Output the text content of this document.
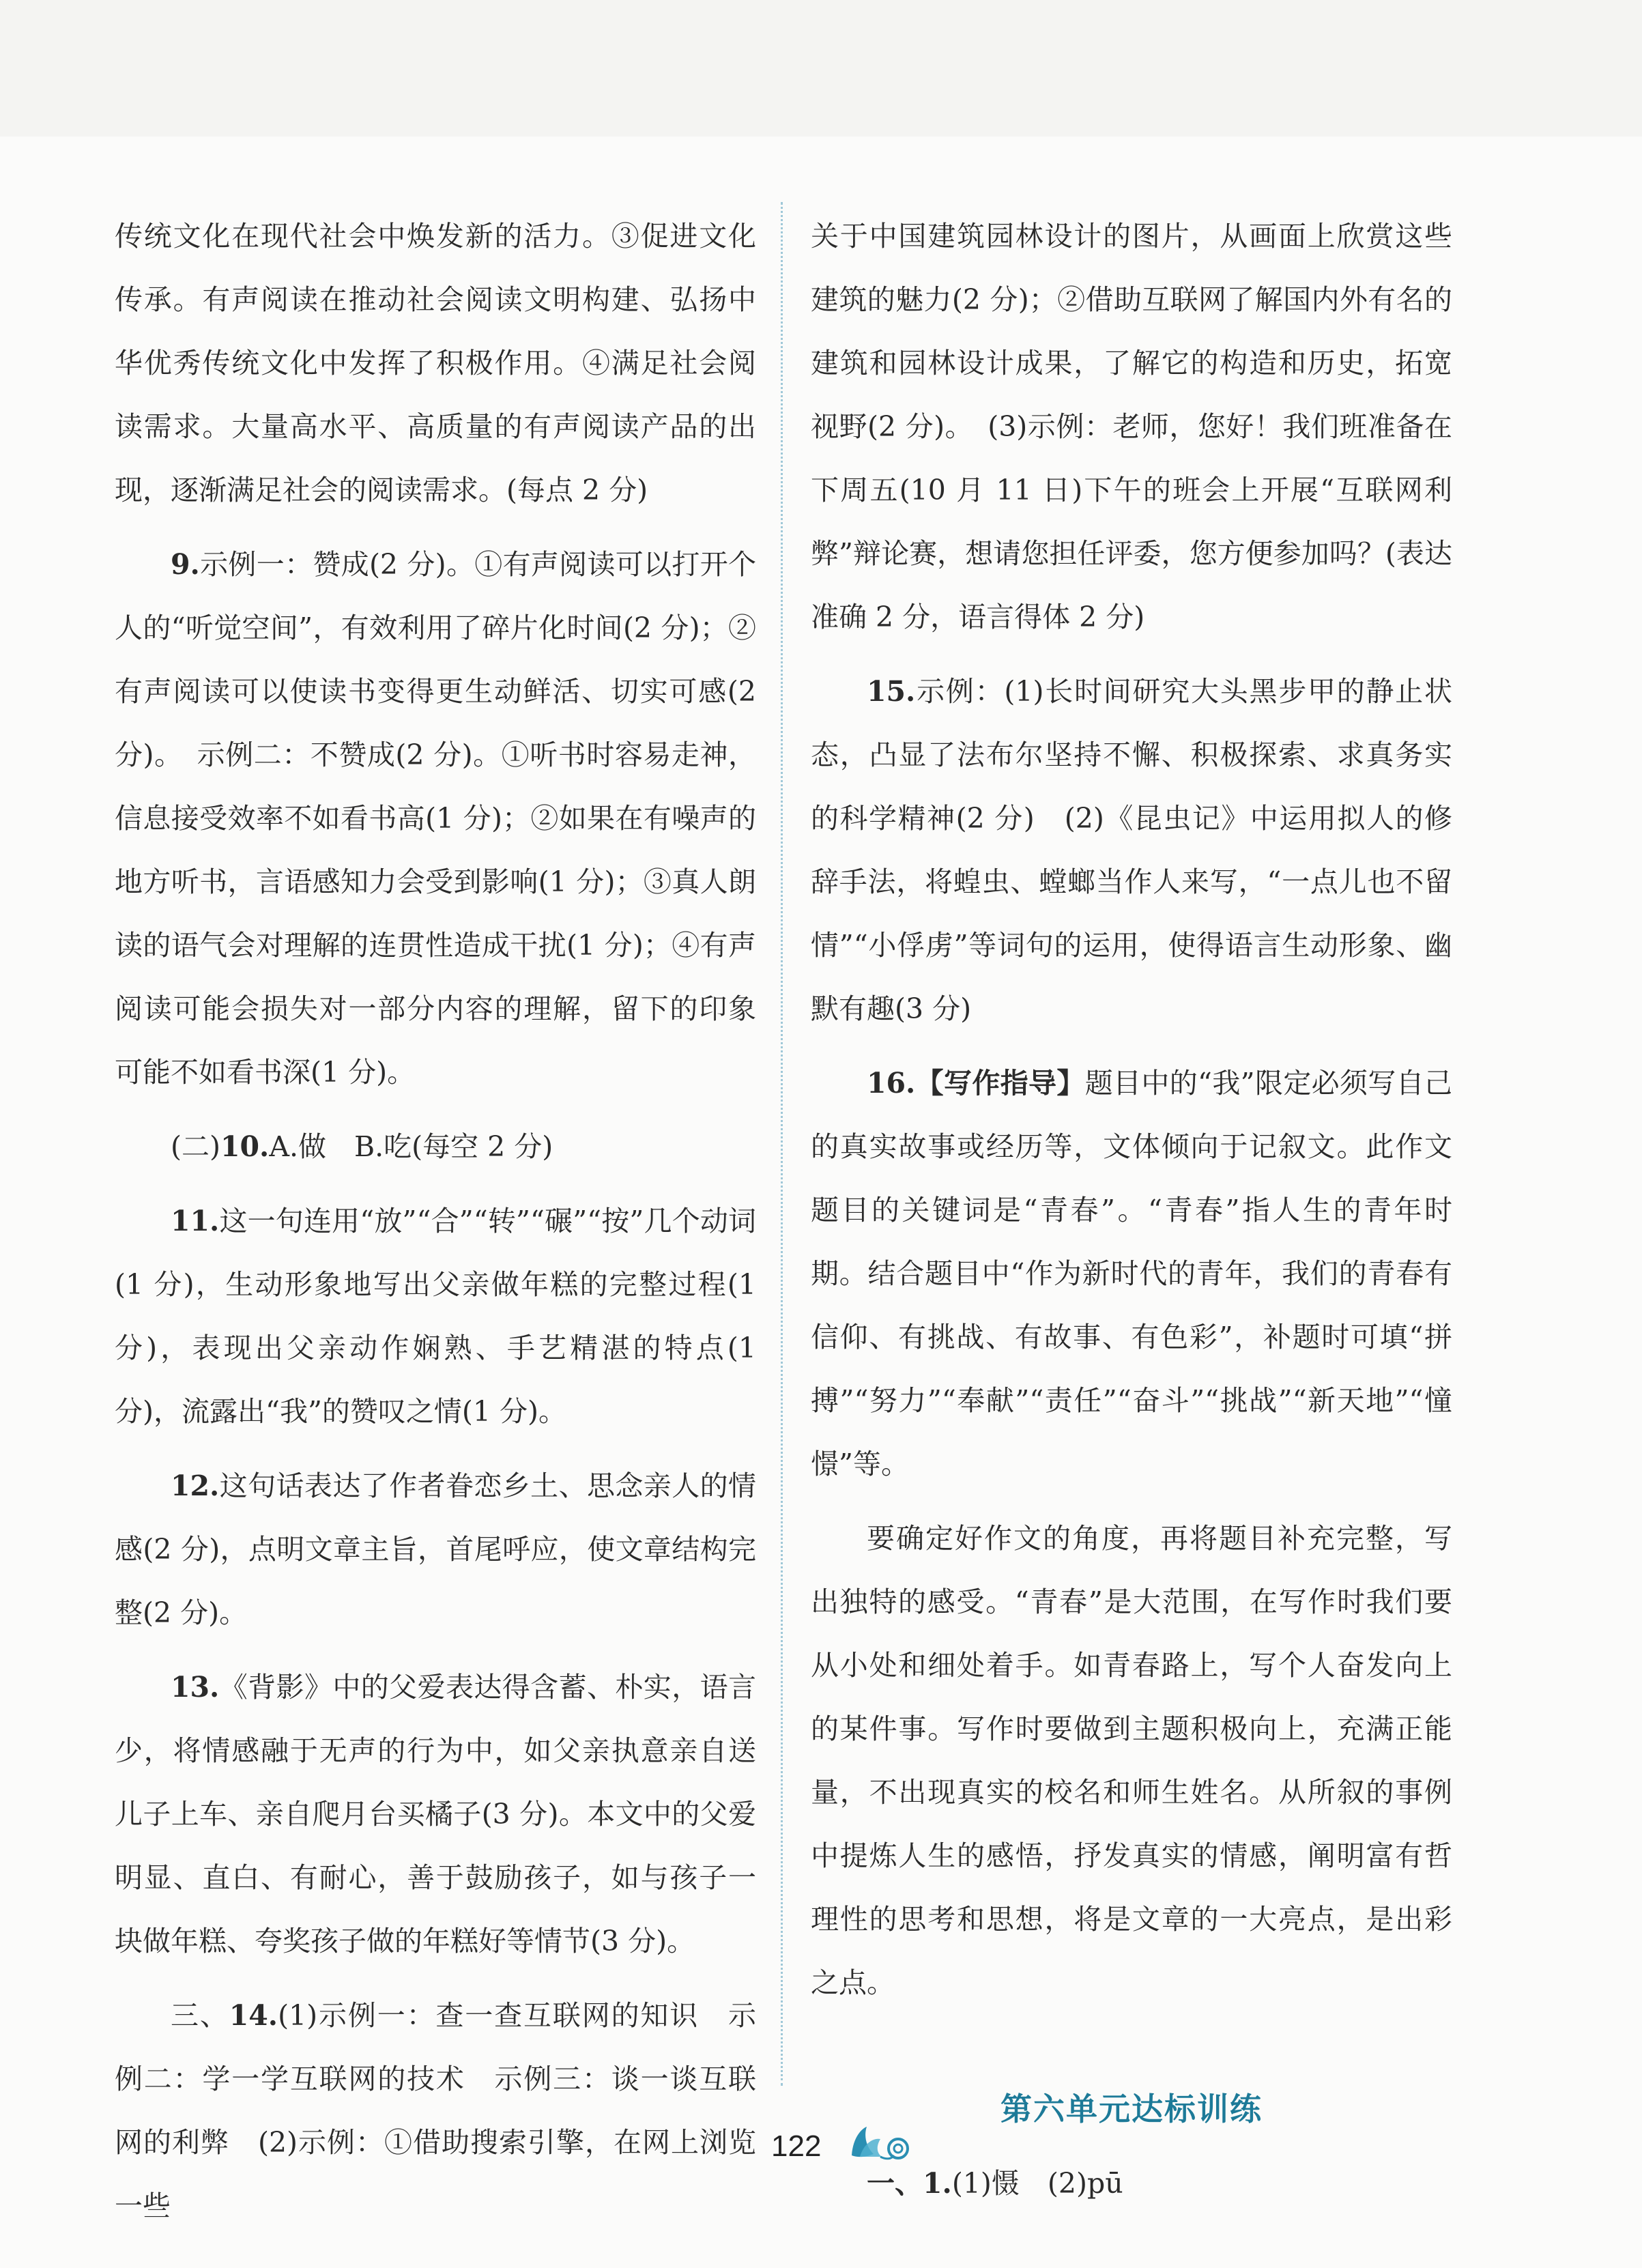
传统文化在现代社会中焕发新的活力。③促进文化传承。有声阅读在推动社会阅读文明构建、弘扬中华优秀传统文化中发挥了积极作用。④满足社会阅读需求。大量高水平、高质量的有声阅读产品的出现，逐渐满足社会的阅读需求。(每点 2 分)

9.示例一：赞成(2 分)。①有声阅读可以打开个人的“听觉空间”，有效利用了碎片化时间(2 分)；②有声阅读可以使读书变得更生动鲜活、切实可感(2 分)。　示例二：不赞成(2 分)。①听书时容易走神，信息接受效率不如看书高(1 分)；②如果在有噪声的地方听书，言语感知力会受到影响(1 分)；③真人朗读的语气会对理解的连贯性造成干扰(1 分)；④有声阅读可能会损失对一部分内容的理解，留下的印象可能不如看书深(1 分)。

(二)10.A.做　B.吃(每空 2 分)

11.这一句连用“放”“合”“转”“碾”“按”几个动词(1 分)，生动形象地写出父亲做年糕的完整过程(1 分)，表现出父亲动作娴熟、手艺精湛的特点(1 分)，流露出“我”的赞叹之情(1 分)。

12.这句话表达了作者眷恋乡土、思念亲人的情感(2 分)，点明文章主旨，首尾呼应，使文章结构完整(2 分)。

13.《背影》中的父爱表达得含蓄、朴实，语言少，将情感融于无声的行为中，如父亲执意亲自送儿子上车、亲自爬月台买橘子(3 分)。本文中的父爱明显、直白、有耐心，善于鼓励孩子，如与孩子一块做年糕、夸奖孩子做的年糕好等情节(3 分)。

三、14.(1)示例一：查一查互联网的知识　示例二：学一学互联网的技术　示例三：谈一谈互联网的利弊　(2)示例：①借助搜索引擎，在网上浏览一些

关于中国建筑园林设计的图片，从画面上欣赏这些建筑的魅力(2 分)；②借助互联网了解国内外有名的建筑和园林设计成果，了解它的构造和历史，拓宽视野(2 分)。　(3)示例：老师，您好！我们班准备在下周五(10 月 11 日)下午的班会上开展“互联网利弊”辩论赛，想请您担任评委，您方便参加吗？(表达准确 2 分，语言得体 2 分)

15.示例：(1)长时间研究大头黑步甲的静止状态，凸显了法布尔坚持不懈、积极探索、求真务实的科学精神(2 分)　(2)《昆虫记》中运用拟人的修辞手法，将蝗虫、螳螂当作人来写，“一点儿也不留情”“小俘虏”等词句的运用，使得语言生动形象、幽默有趣(3 分)

16.【写作指导】题目中的“我”限定必须写自己的真实故事或经历等，文体倾向于记叙文。此作文题目的关键词是“青春”。“青春”指人生的青年时期。结合题目中“作为新时代的青年，我们的青春有信仰、有挑战、有故事、有色彩”，补题时可填“拼搏”“努力”“奉献”“责任”“奋斗”“挑战”“新天地”“憧憬”等。

要确定好作文的角度，再将题目补充完整，写出独特的感受。“青春”是大范围，在写作时我们要从小处和细处着手。如青春路上，写个人奋发向上的某件事。写作时要做到主题积极向上，充满正能量，不出现真实的校名和师生姓名。从所叙的事例中提炼人生的感悟，抒发真实的情感，阐明富有哲理性的思考和思想，将是文章的一大亮点，是出彩之点。

第六单元达标训练

一、1.(1)慑　(2)pū

122
